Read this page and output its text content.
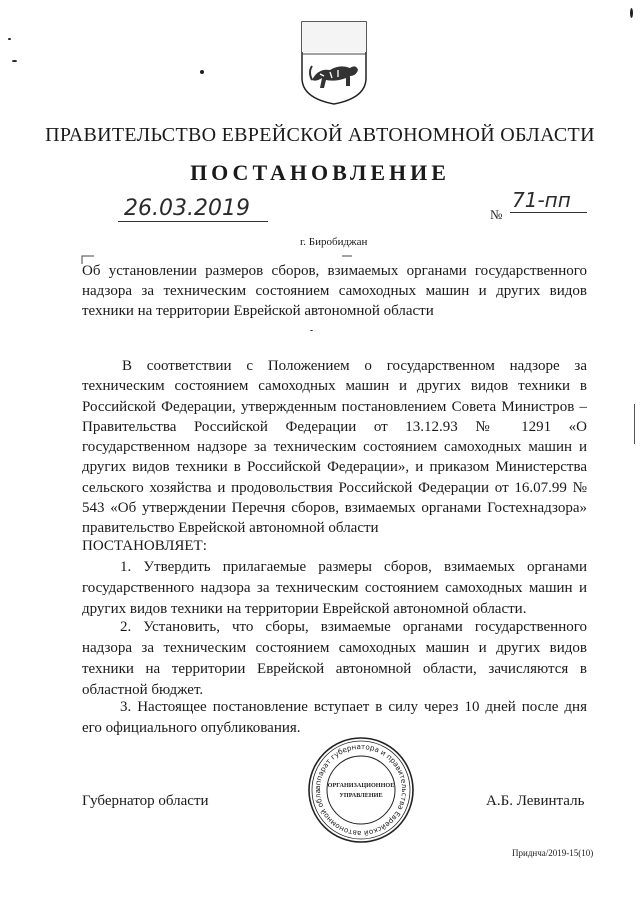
ПРАВИТЕЛЬСТВО ЕВРЕЙСКОЙ АВТОНОМНОЙ ОБЛАСТИ
ПОСТАНОВЛЕНИЕ
26.03.2019	№
71-пп
г. Биробиджан
Об установлении размеров сборов, взимаемых органами государственного надзора за техническим состоянием самоходных машин и других видов техники на территории Еврейской автономной области

В соответствии с Положением о государственном надзоре за техническим состоянием самоходных машин и других видов техники в Российской Федерации, утвержденным постановлением Совета Министров – Правительства Российской Федерации от 13.12.93 № 1291 «О государственном надзоре за техническим состоянием самоходных машин и других видов техники в Российской Федерации», и приказом Министерства сельского хозяйства и продовольствия Российской Федерации от 16.07.99 № 543 «Об утверждении Перечня сборов, взимаемых органами Гостехнадзора» правительство Еврейской автономной области

ПОСТАНОВЛЯЕТ:

1. Утвердить прилагаемые размеры сборов, взимаемых органами государственного надзора за техническим состоянием самоходных машин и других видов техники на территории Еврейской автономной области.

2. Установить, что сборы, взимаемые органами государственного надзора за техническим состоянием самоходных машин и других видов техники на территории Еврейской автономной области, зачисляются в областной бюджет.

3. Настоящее постановление вступает в силу через 10 дней после дня его официального опубликования.

аппарат губернатора и правительства Еврейской автономной обла
ОРГАНИЗАЦИОННОЕ
УПРАВЛЕНИЕ
Губернатор области	А.Б. Левинталь
Приднча/2019-15(10)
